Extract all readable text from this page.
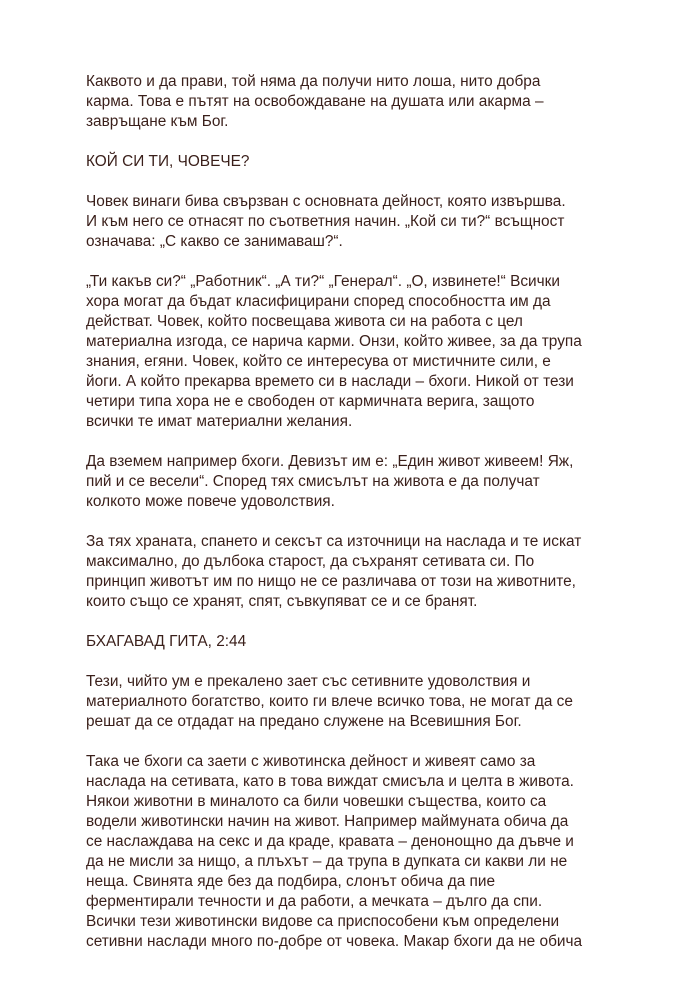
Каквото и да прави, той няма да получи нито лоша, нито добра
карма. Това е пътят на освобождаване на душата или акарма –
завръщане към Бог.
КОЙ СИ ТИ, ЧОВЕЧЕ?
Човек винаги бива свързван с основната дейност, която извършва.
И към него се отнасят по съответния начин. „Кой си ти?“ всъщност
означава: „С какво се занимаваш?“.
„Ти какъв си?“ „Работник“. „А ти?“ „Генерал“. „О, извинете!“ Всички
хора могат да бъдат класифицирани според способността им да
действат. Човек, който посвещава живота си на работа с цел
материална изгода, се нарича карми. Онзи, който живее, за да трупа
знания, егяни. Човек, който се интересува от мистичните сили, е
йоги. А който прекарва времето си в наслади – бхоги. Никой от тези
четири типа хора не е свободен от кармичната верига, защото
всички те имат материални желания.
Да вземем например бхоги. Девизът им е: „Един живот живеем! Яж,
пий и се весели“. Според тях смисълът на живота е да получат
колкото може повече удоволствия.
За тях храната, спането и сексът са източници на наслада и те искат
максимално, до дълбока старост, да съхранят сетивата си. По
принцип животът им по нищо не се различава от този на животните,
които също се хранят, спят, съвкупяват се и се бранят.
БХАГАВАД ГИТА, 2:44
Тези, чийто ум е прекалено зает със сетивните удоволствия и
материалното богатство, които ги влече всичко това, не могат да се
решат да се отдадат на предано служене на Всевишния Бог.
Така че бхоги са заети с животинска дейност и живеят само за
наслада на сетивата, като в това виждат смисъла и целта в живота.
Някои животни в миналото са били човешки същества, които са
водели животински начин на живот. Например маймуната обича да
се наслаждава на секс и да краде, кравата – денонощно да дъвче и
да не мисли за нищо, а плъхът – да трупа в дупката си какви ли не
неща. Свинята яде без да подбира, слонът обича да пие
ферментирали течности и да работи, а мечката – дълго да спи.
Всички тези животински видове са приспособени към определени
сетивни наслади много по-добре от човека. Макар бхоги да не обича
